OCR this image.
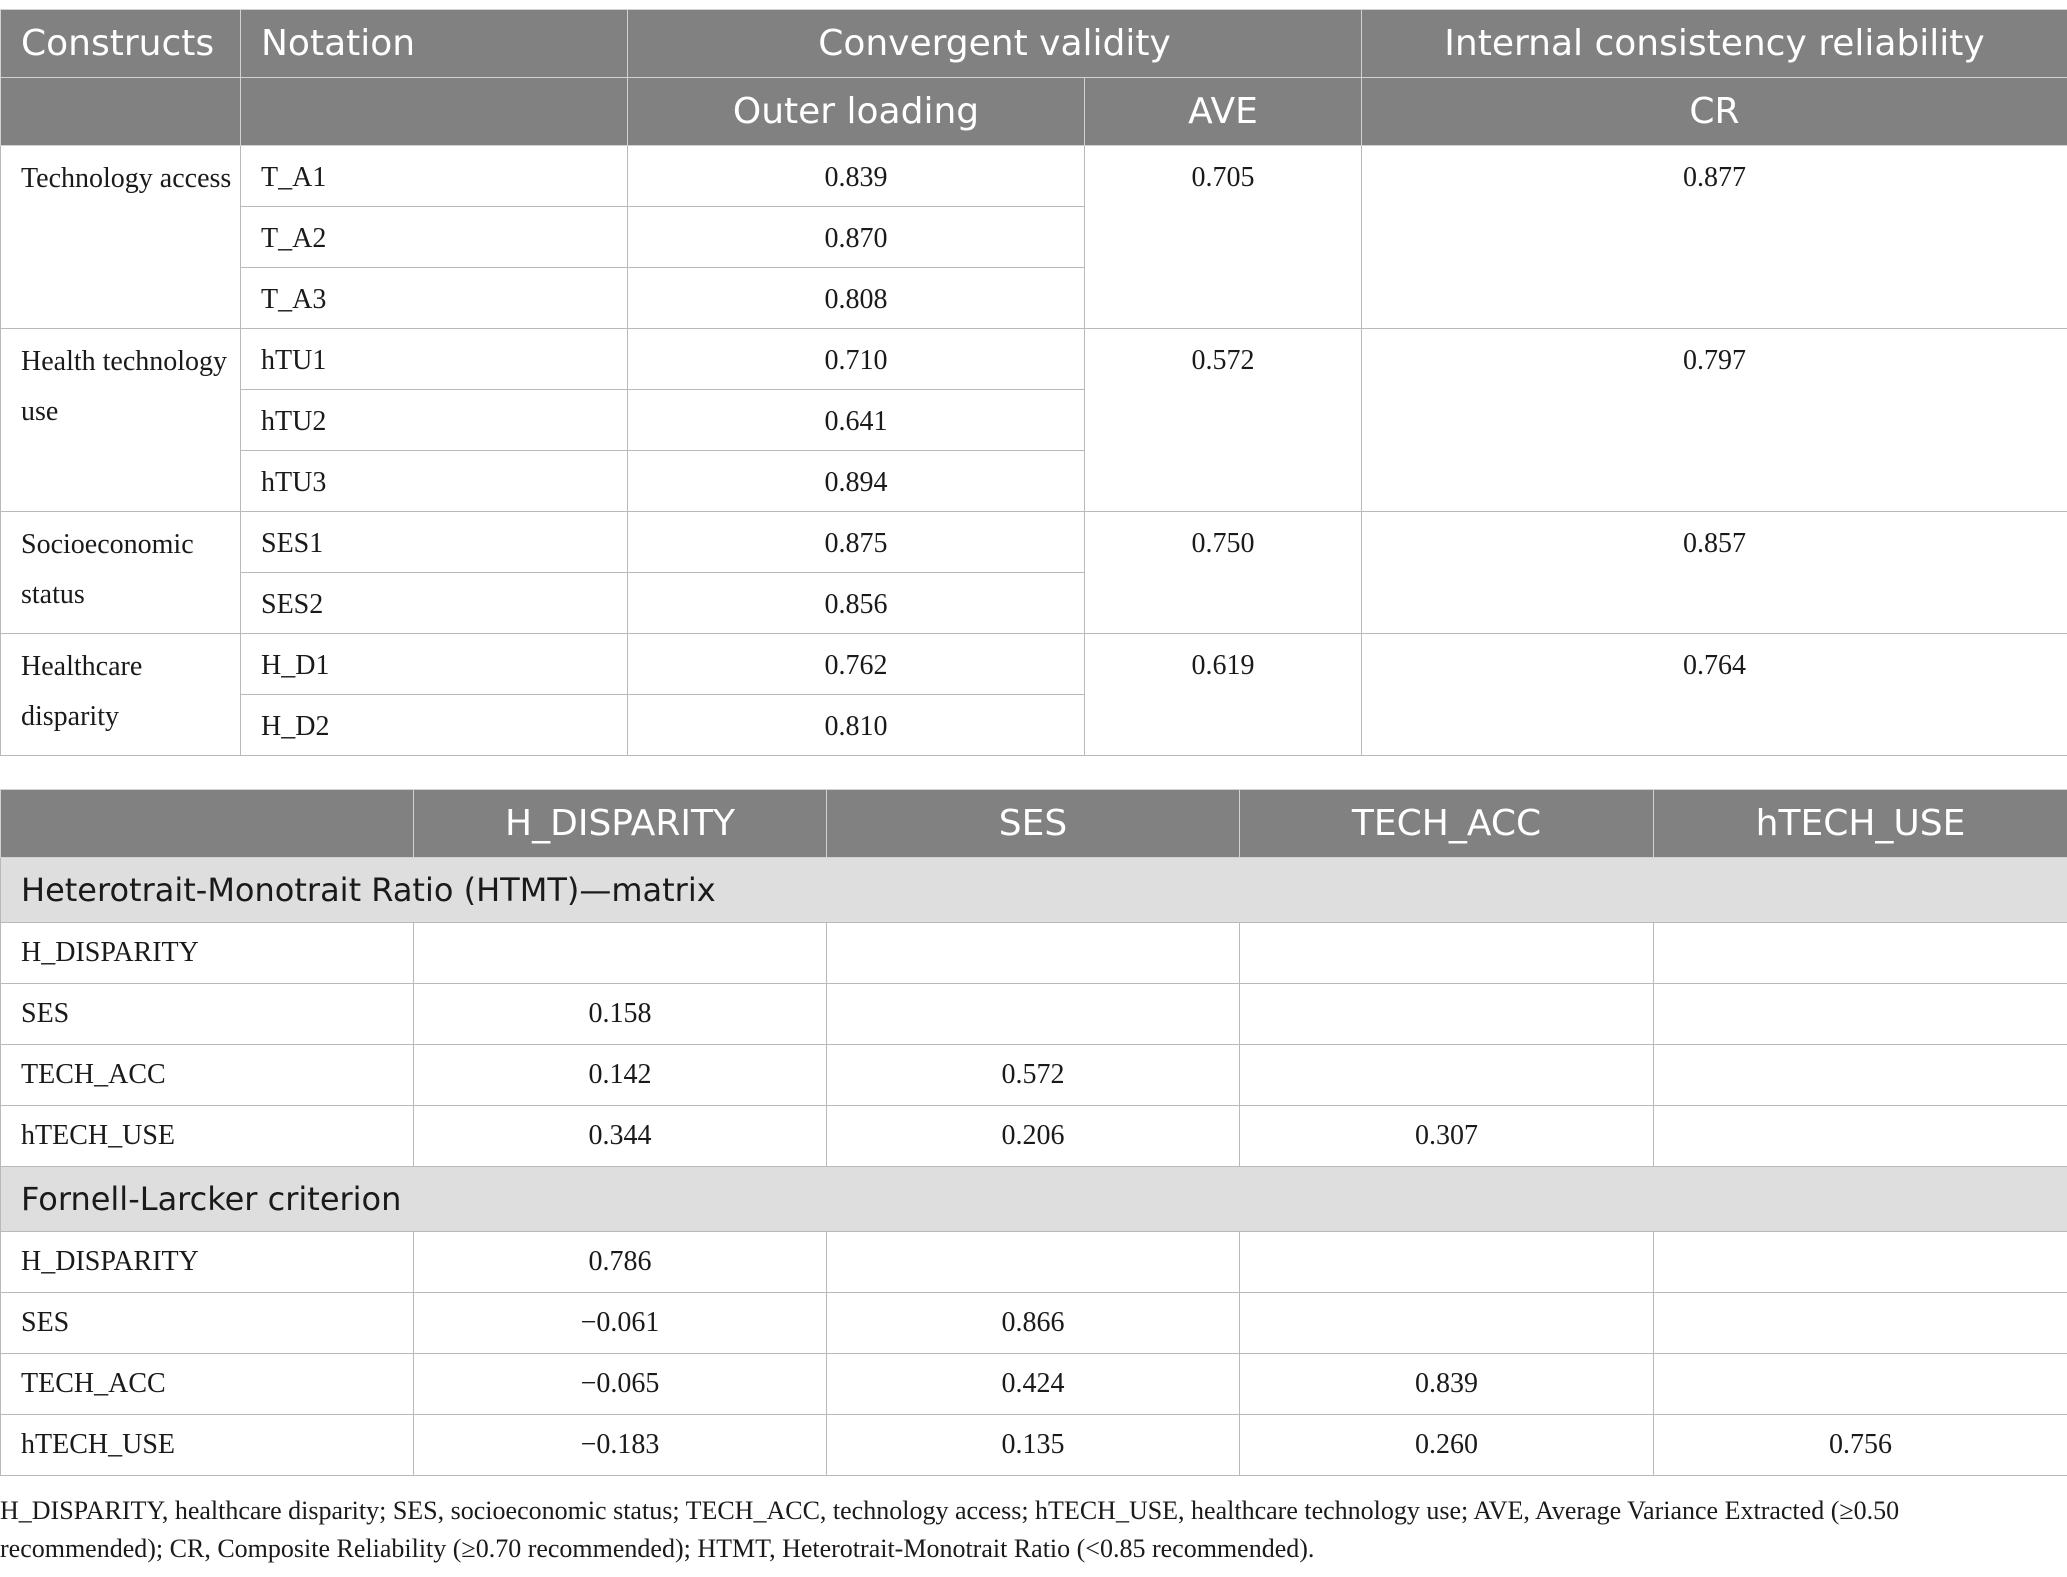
Constructs	Notation	Convergent validity		Internal consistency reliability
		Outer loading	AVE	CR
Technology access	T_A1	0.839	0.705	0.877
	T_A2	0.870		
	T_A3	0.808		
Health technology use	hTU1	0.710	0.572	0.797
	hTU2	0.641		
	hTU3	0.894		
Socioeconomic status	SES1	0.875	0.750	0.857
	SES2	0.856		
Healthcare disparity	H_D1	0.762	0.619	0.764
	H_D2	0.810		
	H_DISPARITY	SES	TECH_ACC	hTECH_USE
Heterotrait-Monotrait Ratio (HTMT)—matrix				
H_DISPARITY				
SES	0.158			
TECH_ACC	0.142	0.572		
hTECH_USE	0.344	0.206	0.307	
Fornell-Larcker criterion				
H_DISPARITY	0.786			
SES	−0.061	0.866		
TECH_ACC	−0.065	0.424	0.839	
hTECH_USE	−0.183	0.135	0.260	0.756
H_DISPARITY, healthcare disparity; SES, socioeconomic status; TECH_ACC, technology access; hTECH_USE, healthcare technology use; AVE, Average Variance Extracted (≥0.50 recommended); CR, Composite Reliability (≥0.70 recommended); HTMT, Heterotrait-Monotrait Ratio (<0.85 recommended).
